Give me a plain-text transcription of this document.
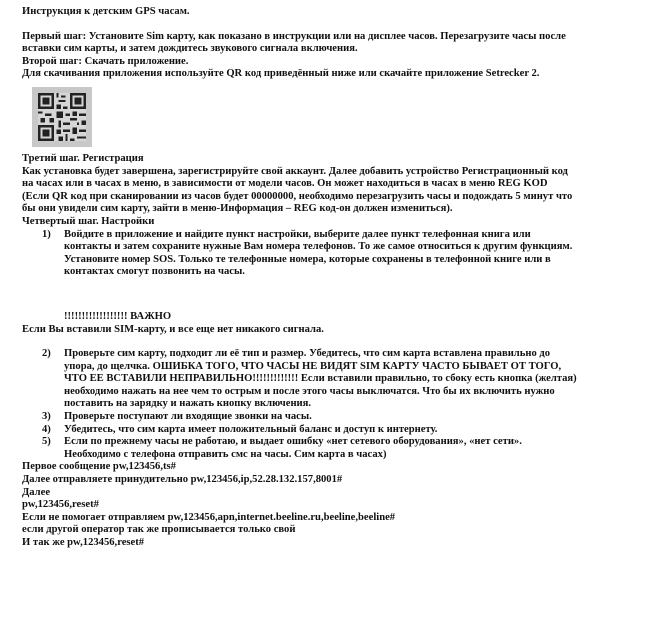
Инструкция к детским GPS часам.

Первый шаг: Установите Sim карту, как показано в инструкции или на дисплее часов. Перезагрузите часы после

вставки сим карты, и затем дождитесь звукового сигнала включения.

Второй шаг: Скачать приложение.

Для скачивания приложения используйте QR код приведённый ниже или скачайте приложение Setrecker 2.

Третий шаг. Регистрация

Как установка будет завершена, зарегистрируйте свой аккаунт. Далее добавить устройство Регистрационный код

на часах или в часах в меню, в зависимости от модели часов. Он может находиться в часах в меню REG KOD

(Если QR код при сканировании из часов будет 00000000, необходимо перезагрузить часы и подождать 5 минут что

бы они увидели сим карту, зайти в меню-Информация – REG код-он должен измениться).

Четвертый шаг. Настройки

1) Войдите в приложение и найдите пункт настройки, выберите далее пункт телефонная книга или

контакты и затем сохраните нужные Вам номера телефонов. То же самое относиться к другим функциям.

Установите номер SOS. Только те телефонные номера, которые сохранены в телефонной книге или в

контактах смогут позвонить на часы.

!!!!!!!!!!!!!!!!!! ВАЖНО

Если Вы вставили SIM-карту, и все еще нет никакого сигнала.

2) Проверьте сим карту, подходит ли её тип и размер. Убедитесь, что сим карта вставлена правильно до

упора, до щелчка. ОШИБКА ТОГО, ЧТО ЧАСЫ НЕ ВИДЯТ SIM КАРТУ ЧАСТО БЫВАЕТ ОТ ТОГО,

ЧТО ЕЕ ВСТАВИЛИ НЕПРАВИЛЬНО!!!!!!!!!!!!! Если вставили правильно, то сбоку есть кнопка (желтая)

необходимо нажать на нее чем то острым и после этого часы выключатся. Что бы их включить нужно

поставить на зарядку и нажать кнопку включения.

3) Проверьте поступают ли входящие звонки на часы.

4) Убедитесь, что сим карта имеет положительный баланс и доступ к интернету.

5) Если по прежнему часы не работаю, и выдает ошибку «нет сетевого оборудования», «нет сети».

Необходимо с телефона отправить смс на часы. Сим карта в часах)

Первое сообщение pw,123456,ts#

Далее отправляете принудительно pw,123456,ip,52.28.132.157,8001#

Далее

pw,123456,reset#

Если не помогает отправляем pw,123456,apn,internet.beeline.ru,beeline,beeline#

если другой оператор так же прописывается только свой

И так же pw,123456,reset#
